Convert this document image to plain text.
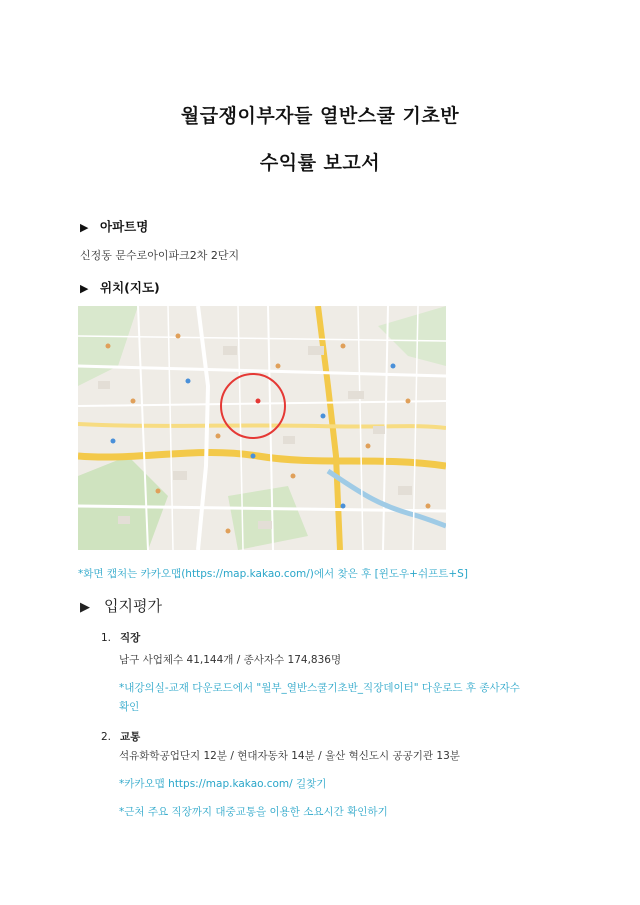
월급쟁이부자들 열반스쿨 기초반
수익률 보고서
▶ 아파트명
신정동 문수로아이파크2차 2단지
▶ 위치(지도)
*화면 캡처는 카카오맵(https://map.kakao.com/)에서 찾은 후 [윈도우+쉬프트+S]
▶ 입지평가
1. 직장
남구 사업체수 41,144개 / 종사자수 174,836명
*내강의실-교재 다운로드에서 "월부_열반스쿨기초반_직장데이터" 다운로드 후 종사자수
확인
2. 교통
석유화학공업단지 12분 / 현대자동차 14분 / 울산 혁신도시 공공기관 13분
*카카오맵 https://map.kakao.com/ 길찾기
*근처 주요 직장까지 대중교통을 이용한 소요시간 확인하기
